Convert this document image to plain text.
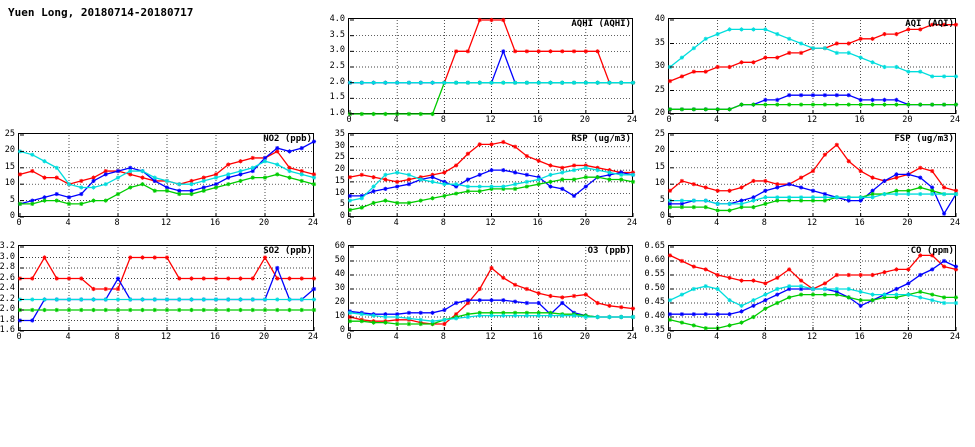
Yuen Long, 20180714-20180717
NO2 (ppb)
0	4	8	12	16	20	24
0
5
10
15
20
25
AQHI (AQHI)
0	4	8	12	16	20	24
1.0
1.5
2.0
2.5
3.0
3.5
4.0	AQI (AQI)
0	4	8	12	16	20	24
20
25
30
35
40
RSP (ug/m3)
0	4	8	12	16	20	24
0
5
10
15
20
25
30
35	FSP (ug/m3)
0	4	8	12	16	20	24
0
5
10
15
20
25
SO2 (ppb)
0	4	8	12	16	20	24
1.6
1.8
2.0
2.2
2.4
2.6
2.8
3.0
3.2	O3 (ppb)
0	4	8	12	16	20	24
0
10
20
30
40
50
60	CO (ppm)
0	4	8	12	16	20	24
0.35
0.40
0.45
0.50
0.55
0.60
0.65
